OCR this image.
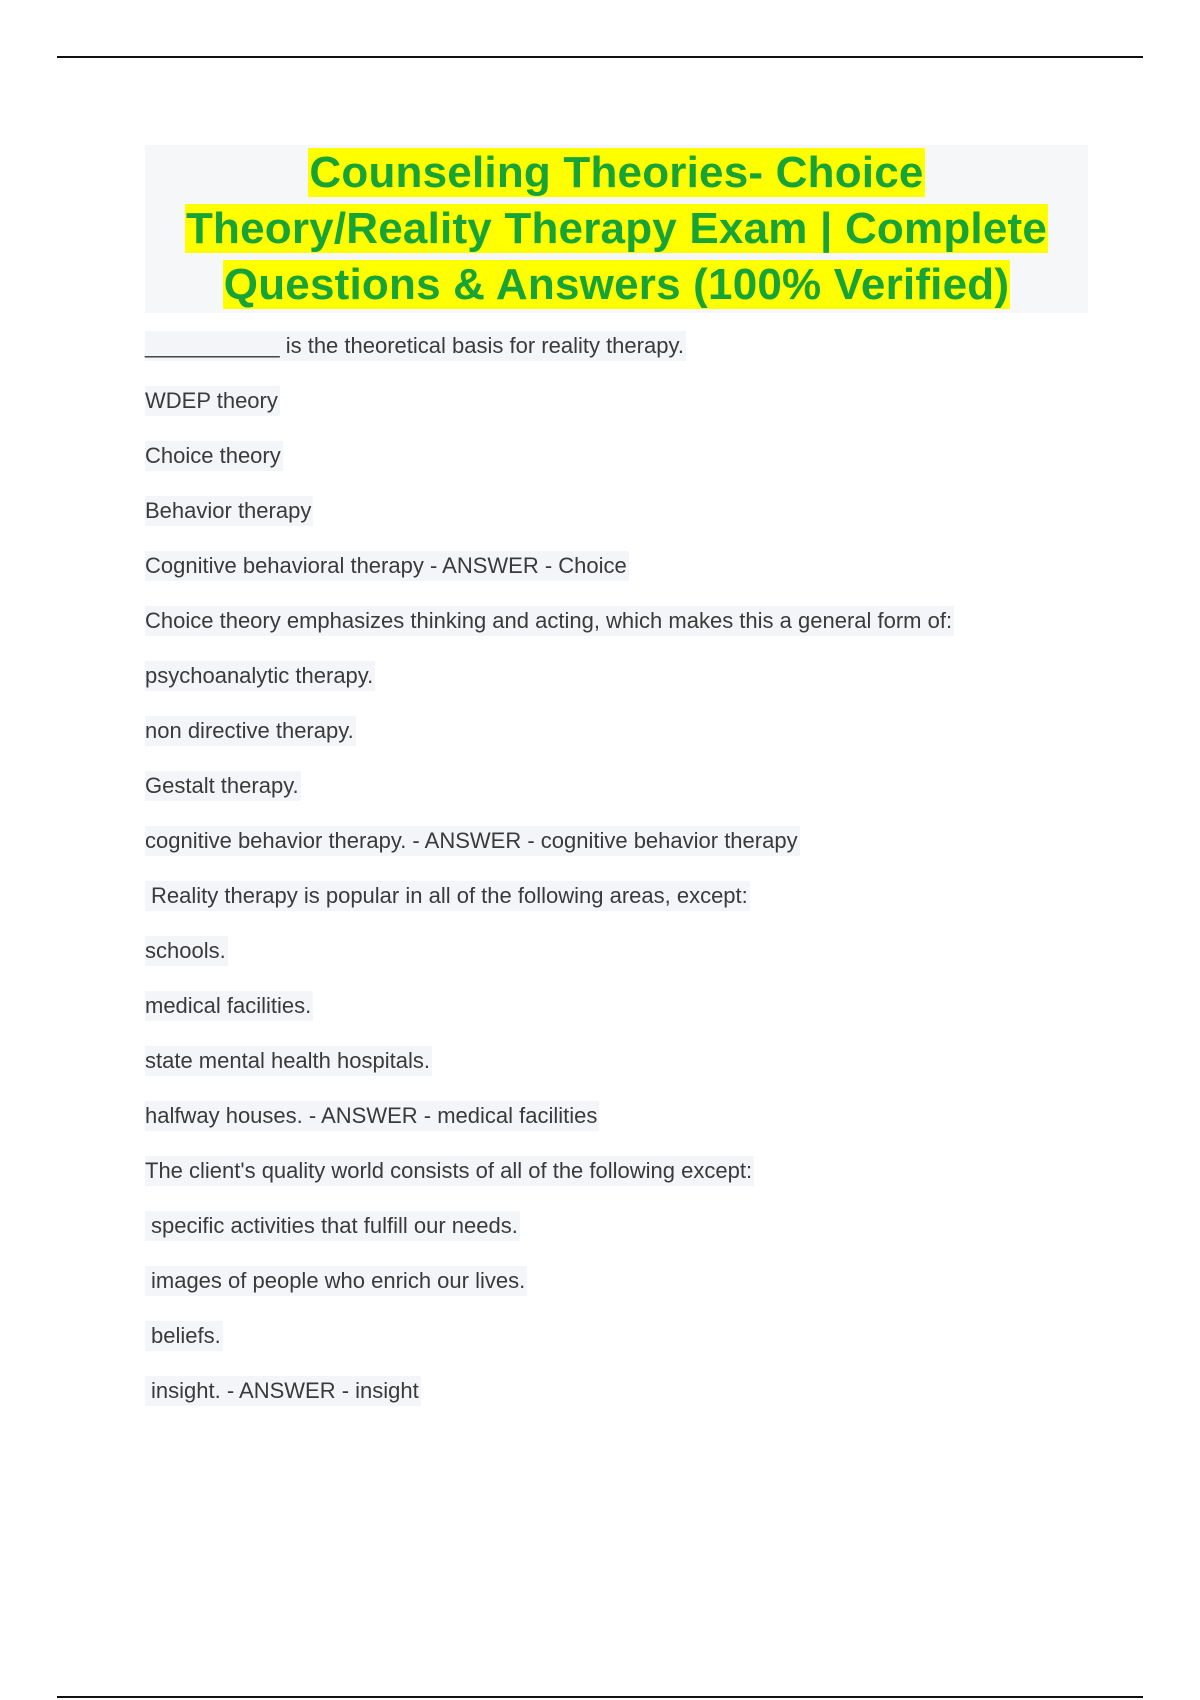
Counseling Theories- Choice
Theory/Reality Therapy Exam | Complete
Questions & Answers (100% Verified)

___________ is the theoretical basis for reality therapy.
WDEP theory
Choice theory
Behavior therapy
Cognitive behavioral therapy - ANSWER - Choice
Choice theory emphasizes thinking and acting, which makes this a general form of:
psychoanalytic therapy.
non directive therapy.
Gestalt therapy.
cognitive behavior therapy. - ANSWER - cognitive behavior therapy
Reality therapy is popular in all of the following areas, except:
schools.
medical facilities.
state mental health hospitals.
halfway houses. - ANSWER - medical facilities
The client's quality world consists of all of the following except:
specific activities that fulfill our needs.
images of people who enrich our lives.
beliefs.
insight. - ANSWER - insight
